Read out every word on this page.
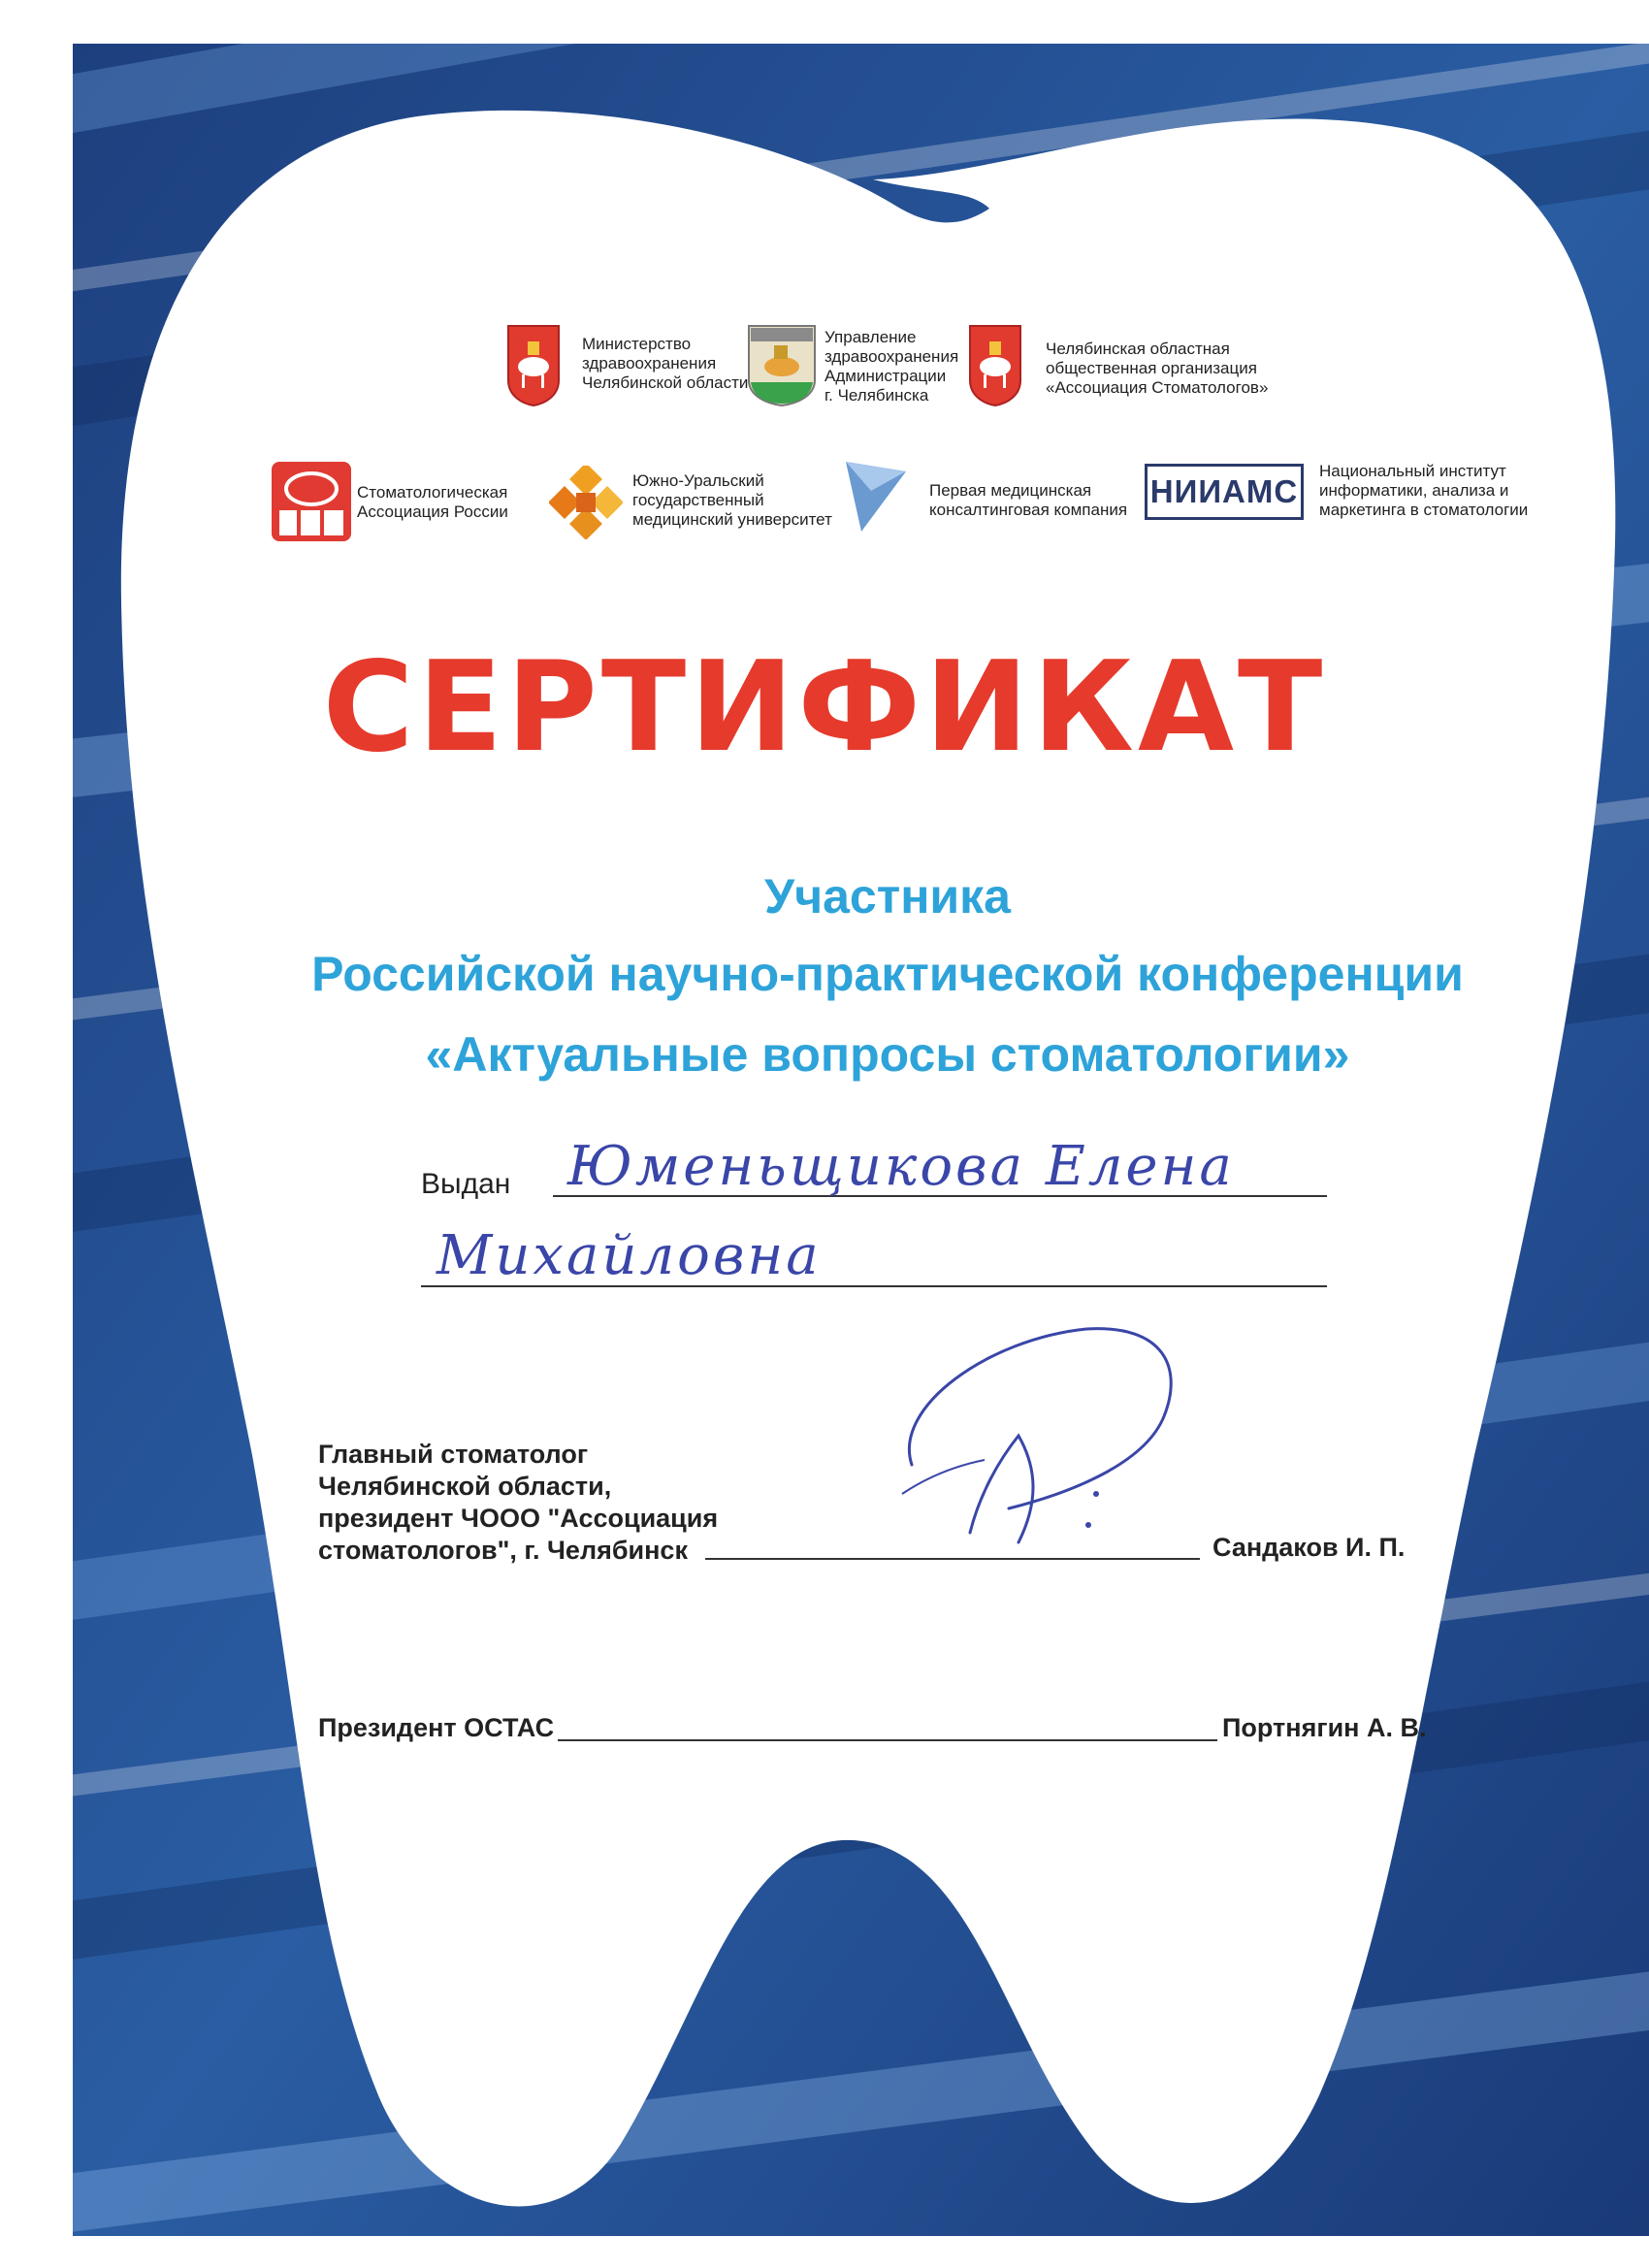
Министерство
здравоохранения
Челябинской области
Управление
здравоохранения
Администрации
г. Челябинска
Челябинская областная
общественная организация
«Ассоциация Стоматологов»
Стоматологическая
Ассоциация России
Южно-Уральский
государственный
медицинский университет
Первая медицинская
консалтинговая компания
НИИАМС
Национальный институт
информатики, анализа и
маркетинга в стоматологии
СЕРТИФИКАТ
Участника
Российской научно-практической конференции
«Актуальные вопросы стоматологии»
Выдан Юменьщикова Елена
Михайловна
Главный стоматолог
Челябинской области,
президент ЧООО "Ассоциация
стоматологов", г. Челябинск	Сандаков И. П.
Президент ОСТАС	Портнягин А. В.
